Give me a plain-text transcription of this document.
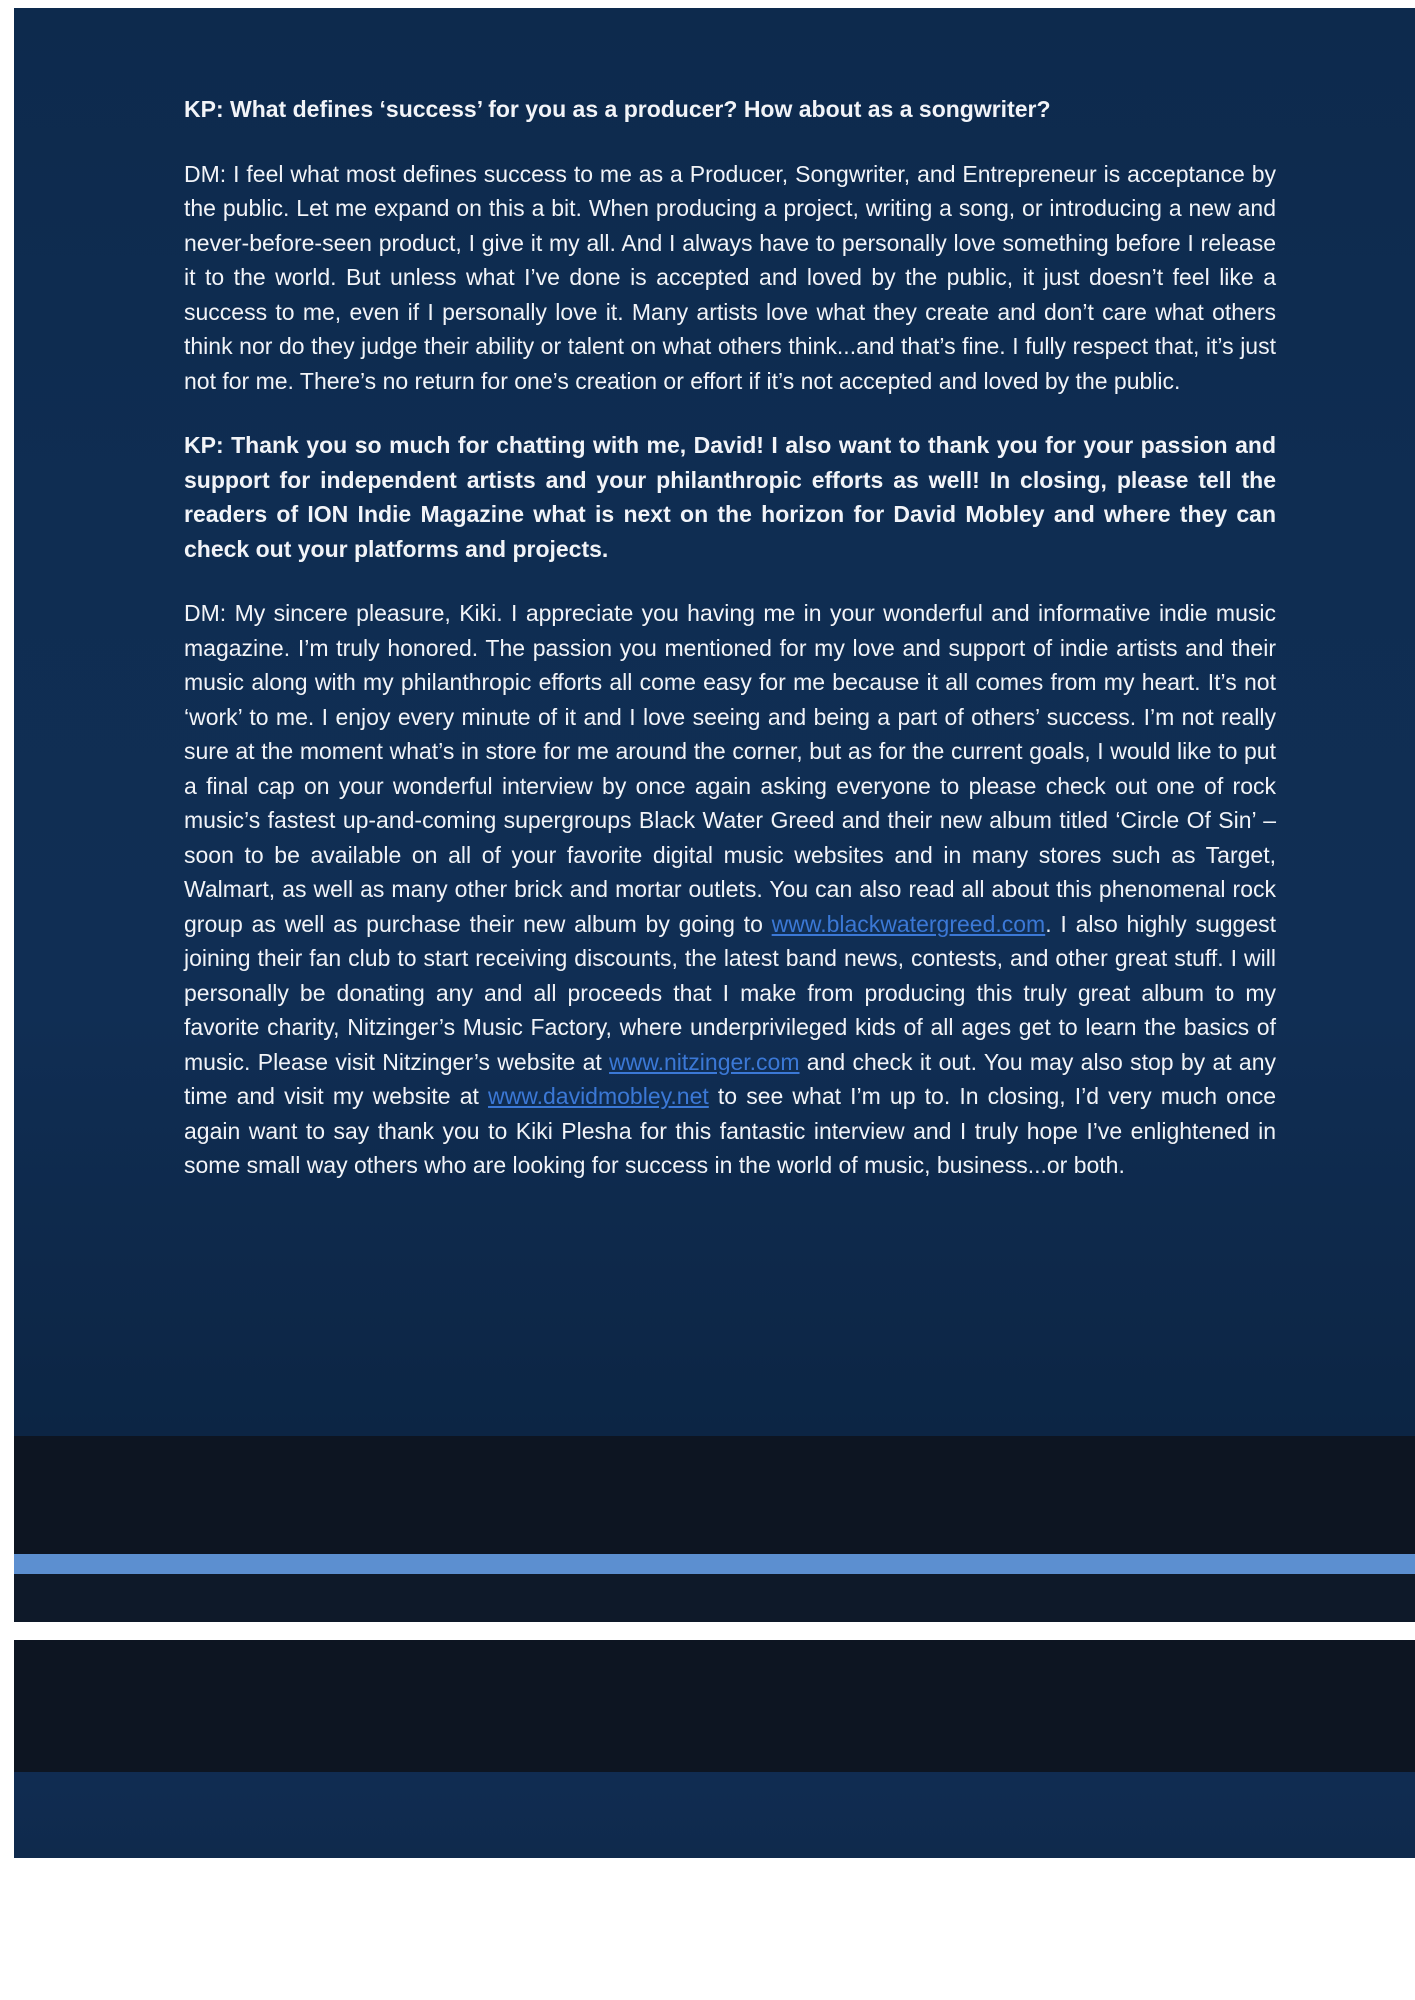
KP: What defines ‘success’ for you as a producer? How about as a songwriter?

DM: I feel what most defines success to me as a Producer, Songwriter, and Entrepreneur is acceptance by the public. Let me expand on this a bit. When producing a project, writing a song, or introducing a new and never-before-seen product, I give it my all. And I always have to personally love something before I release it to the world. But unless what I’ve done is accepted and loved by the public, it just doesn’t feel like a success to me, even if I personally love it. Many artists love what they create and don’t care what others think nor do they judge their ability or talent on what others think...and that’s fine. I fully respect that, it’s just not for me. There’s no return for one’s creation or effort if it’s not accepted and loved by the public.

KP: Thank you so much for chatting with me, David! I also want to thank you for your passion and support for independent artists and your philanthropic efforts as well! In closing, please tell the readers of ION Indie Magazine what is next on the horizon for David Mobley and where they can check out your platforms and projects.

DM: My sincere pleasure, Kiki. I appreciate you having me in your wonderful and informative indie music magazine. I’m truly honored. The passion you mentioned for my love and support of indie artists and their music along with my philanthropic efforts all come easy for me because it all comes from my heart. It’s not ‘work’ to me. I enjoy every minute of it and I love seeing and being a part of others’ success. I’m not really sure at the moment what’s in store for me around the corner, but as for the current goals, I would like to put a final cap on your wonderful interview by once again asking everyone to please check out one of rock music’s fastest up-and-coming supergroups Black Water Greed and their new album titled ‘Circle Of Sin’ – soon to be available on all of your favorite digital music websites and in many stores such as Target, Walmart, as well as many other brick and mortar outlets. You can also read all about this phenomenal rock group as well as purchase their new album by going to www.blackwatergreed.com. I also highly suggest joining their fan club to start receiving discounts, the latest band news, contests, and other great stuff. I will personally be donating any and all proceeds that I make from producing this truly great album to my favorite charity, Nitzinger’s Music Factory, where underprivileged kids of all ages get to learn the basics of music. Please visit Nitzinger’s website at www.nitzinger.com and check it out. You may also stop by at any time and visit my website at www.davidmobley.net to see what I’m up to. In closing, I’d very much once again want to say thank you to Kiki Plesha for this fantastic interview and I truly hope I’ve enlightened in some small way others who are looking for success in the world of music, business...or both.
